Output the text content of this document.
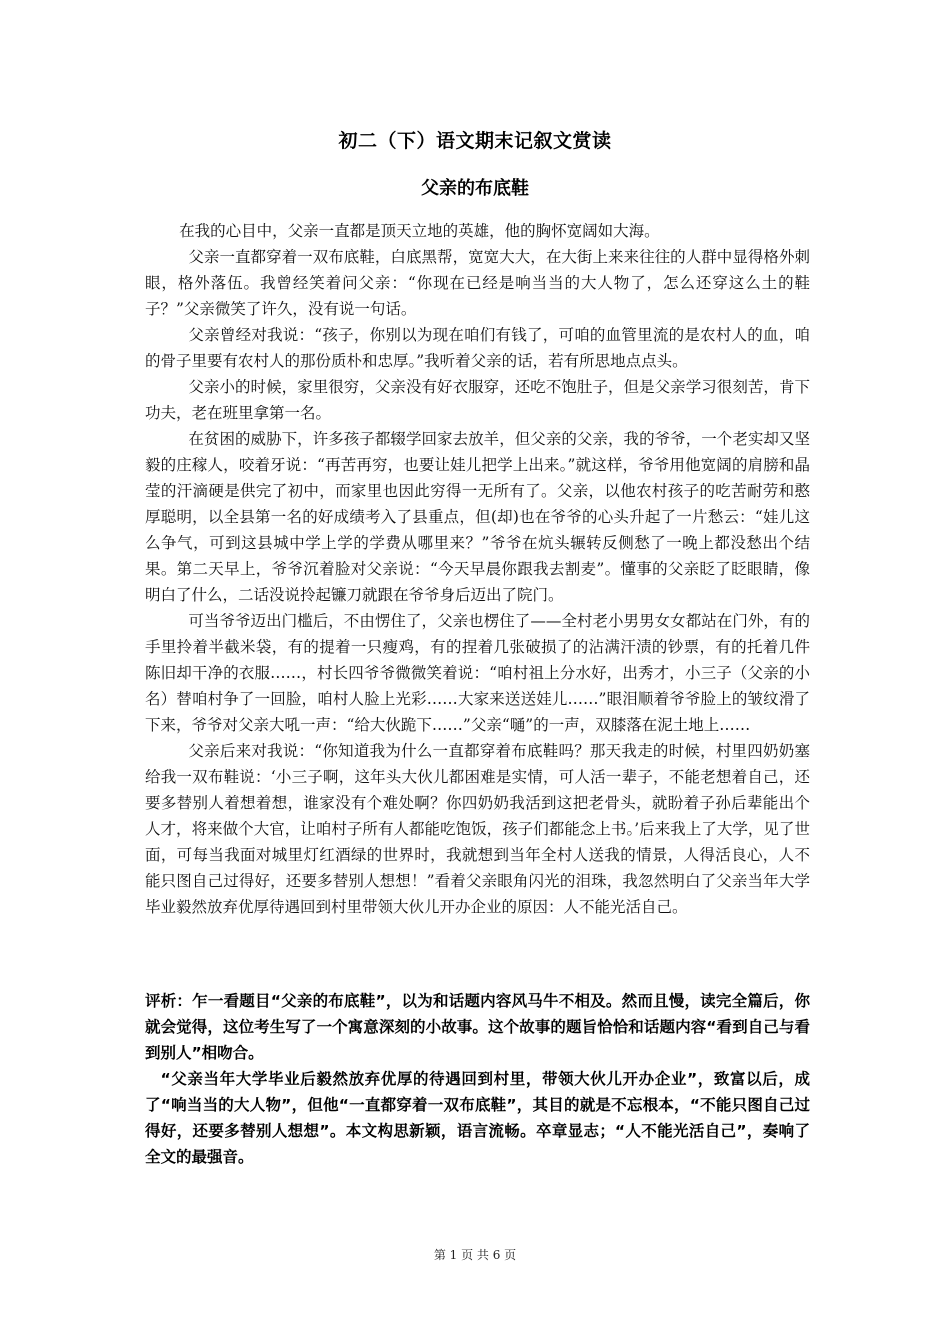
初二（下）语文期末记叙文赏读
父亲的布底鞋

在我的心目中，父亲一直都是顶天立地的英雄，他的胸怀宽阔如大海。

父亲一直都穿着一双布底鞋，白底黑帮，宽宽大大，在大街上来来往往的人群中显得格外刺眼，格外落伍。我曾经笑着问父亲：“你现在已经是响当当的大人物了，怎么还穿这么土的鞋子？”父亲微笑了许久，没有说一句话。

父亲曾经对我说：“孩子，你别以为现在咱们有钱了，可咱的血管里流的是农村人的血，咱的骨子里要有农村人的那份质朴和忠厚。”我听着父亲的话，若有所思地点点头。

父亲小的时候，家里很穷，父亲没有好衣服穿，还吃不饱肚子，但是父亲学习很刻苦，肯下功夫，老在班里拿第一名。

在贫困的威胁下，许多孩子都辍学回家去放羊，但父亲的父亲，我的爷爷，一个老实却又坚毅的庄稼人，咬着牙说：“再苦再穷，也要让娃儿把学上出来。”就这样，爷爷用他宽阔的肩膀和晶莹的汗滴硬是供完了初中，而家里也因此穷得一无所有了。父亲，以他农村孩子的吃苦耐劳和憨厚聪明，以全县第一名的好成绩考入了县重点，但(却)也在爷爷的心头升起了一片愁云：“娃儿这么争气，可到这县城中学上学的学费从哪里来？”爷爷在炕头辗转反侧愁了一晚上都没愁出个结果。第二天早上，爷爷沉着脸对父亲说：“今天早晨你跟我去割麦”。懂事的父亲眨了眨眼睛，像明白了什么，二话没说拎起镰刀就跟在爷爷身后迈出了院门。

可当爷爷迈出门槛后，不由愣住了，父亲也楞住了——全村老小男男女女都站在门外，有的手里拎着半截米袋，有的提着一只瘦鸡，有的捏着几张破损了的沾满汗渍的钞票，有的托着几件陈旧却干净的衣服……，村长四爷爷微微笑着说：“咱村祖上分水好，出秀才，小三子（父亲的小名）替咱村争了一回脸，咱村人脸上光彩……大家来送送娃儿……”眼泪顺着爷爷脸上的皱纹滑了下来，爷爷对父亲大吼一声：“给大伙跪下……”父亲“嗵”的一声，双膝落在泥土地上……

父亲后来对我说：“你知道我为什么一直都穿着布底鞋吗？那天我走的时候，村里四奶奶塞给我一双布鞋说：‘小三子啊，这年头大伙儿都困难是实情，可人活一辈子，不能老想着自己，还要多替别人着想着想，谁家没有个难处啊？你四奶奶我活到这把老骨头，就盼着子孙后辈能出个人才，将来做个大官，让咱村子所有人都能吃饱饭，孩子们都能念上书。’后来我上了大学，见了世面，可每当我面对城里灯红酒绿的世界时，我就想到当年全村人送我的情景，人得活良心，人不能只图自己过得好，还要多替别人想想！”看着父亲眼角闪光的泪珠，我忽然明白了父亲当年大学毕业毅然放弃优厚待遇回到村里带领大伙儿开办企业的原因：人不能光活自己。

评析：乍一看题目“父亲的布底鞋”，以为和话题内容风马牛不相及。然而且慢，读完全篇后，你就会觉得，这位考生写了一个寓意深刻的小故事。这个故事的题旨恰恰和话题内容“看到自己与看到别人”相吻合。

“父亲当年大学毕业后毅然放弃优厚的待遇回到村里，带领大伙儿开办企业”，致富以后，成了“响当当的大人物”，但他“一直都穿着一双布底鞋”，其目的就是不忘根本，“不能只图自己过得好，还要多替别人想想”。本文构思新颖，语言流畅。卒章显志；“人不能光活自己”，奏响了全文的最强音。

第 1 页 共 6 页
